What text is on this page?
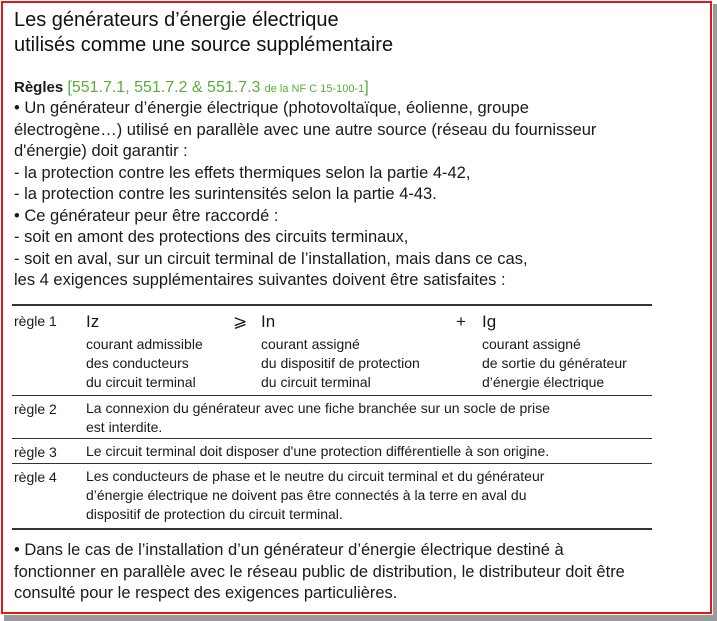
Les générateurs d’énergie électrique
utilisés comme une source supplémentaire
Règles [551.7.1, 551.7.2 & 551.7.3 de la NF C 15-100-1]
• Un générateur d’énergie électrique (photovoltaïque, éolienne, groupe
électrogène…) utilisé en parallèle avec une autre source (réseau du fournisseur
d'énergie) doit garantir :
- la protection contre les effets thermiques selon la partie 4-42,
- la protection contre les surintensités selon la partie 4-43.
• Ce générateur peur être raccordé :
- soit en amont des protections des circuits terminaux,
- soit en aval, sur un circuit terminal de l’installation, mais dans ce cas,
les 4 exigences supplémentaires suivantes doivent être satisfaites :
règle 1 Iz	⩾ In	+ Ig
courant admissible
des conducteurs
du circuit terminal
courant assigné
du dispositif de protection
du circuit terminal
courant assigné
de sortie du générateur
d’énergie électrique
règle 2 La connexion du générateur avec une fiche branchée sur un socle de prise
est interdite.
règle 3 Le circuit terminal doit disposer d'une protection différentielle à son origine.
règle 4 Les conducteurs de phase et le neutre du circuit terminal et du générateur
d’énergie électrique ne doivent pas être connectés à la terre en aval du
dispositif de protection du circuit terminal.
• Dans le cas de l’installation d’un générateur d’énergie électrique destiné à
fonctionner en parallèle avec le réseau public de distribution, le distributeur doit être
consulté pour le respect des exigences particulières.
